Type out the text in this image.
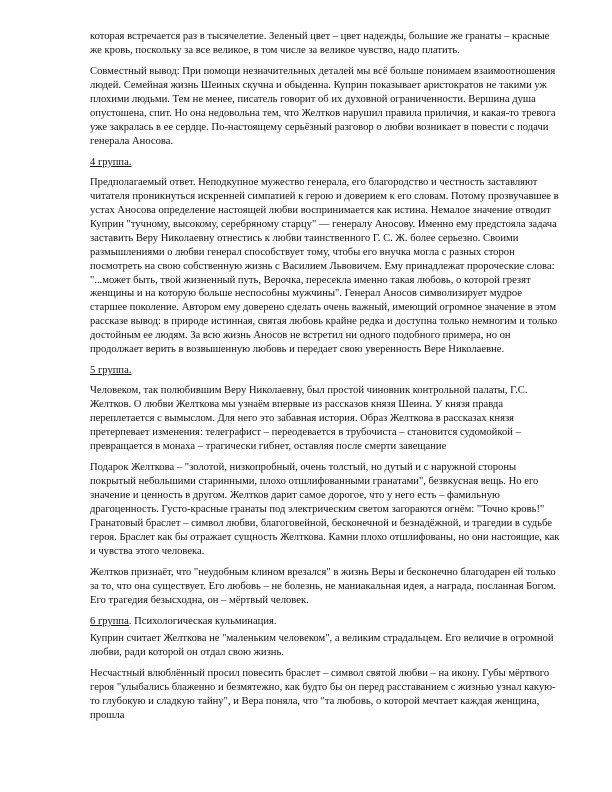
которая встречается раз в тысячелетие. Зеленый цвет – цвет надежды, большие же гранаты – красные же кровь, поскольку за все великое, в том числе за великое чувство, надо платить.

Совместный вывод: При помощи незначительных деталей мы всё больше понимаем взаимоотношения людей. Семейная жизнь Шеиных скучна и обыденна. Куприн показывает аристократов не такими уж плохими людьми. Тем не менее, писатель говорит об их духовной ограниченности. Вершина душа опустошена, спит. Но она недовольна тем, что Желтков нарушил правила приличия, и какая-то тревога уже закралась в ее сердце. По-настоящему серьёзный разговор о любви возникает в повести с подачи генерала Аносова.

4 группа.

Предполагаемый ответ. Неподкупное мужество генерала, его благородство и честность заставляют читателя проникнуться искренней симпатией к герою и доверием к его словам. Потому прозвучавшее в устах Аносова определение настоящей любви воспринимается как истина. Немалое значение отводит Куприн "тучному, высокому, серебряному старцу" — генералу Аносову. Именно ему предстояла задача заставить Веру Николаевну отнестись к любви таинственного Г. С. Ж. более серьезно. Своими размышлениями о любви генерал способствует тому, чтобы его внучка могла с разных сторон посмотреть на свою собственную жизнь с Василием Львовичем. Ему принадлежат пророческие слова: "...может быть, твой жизненный путь, Верочка, пересекла именно такая любовь, о которой грезят женщины и на которую больше неспособны мужчины". Генерал Аносов символизирует мудрое старшее поколение. Автором ему доверено сделать очень важный, имеющий огромное значение в этом рассказе вывод: в природе истинная, святая любовь крайне редка и доступна только немногим и только достойным ее людям. За всю жизнь Аносов не встретил ни одного подобного примера, но он продолжает верить в возвышенную любовь и передает свою уверенность Вере Николаевне.

5 группа.

Человеком, так полюбившим Веру Николаевну, был простой чиновник контрольной палаты, Г.С. Желтков. О любви Желткова мы узнаём впервые из рассказов князя Шеина. У князя правда переплетается с вымыслом. Для него это забавная история. Образ Желткова в рассказах князя претерпевает изменения: телеграфист – переодевается в трубочиста – становится судомойкой – превращается в монаха – трагически гибнет, оставляя после смерти завещание

Подарок Желткова – "золотой, низкопробный, очень толстый, но дутый и с наружной стороны покрытый небольшими старинными, плохо отшлифованными гранатами", безвкусная вещь. Но его значение и ценность в другом. Желтков дарит самое дорогое, что у него есть – фамильную драгоценность. Густо-красные гранаты под электрическим светом загораются огнём: "Точно кровь!" Гранатовый браслет – символ любви, благоговейной, бесконечной и безнадёжной, и трагедии в судьбе героя. Браслет как бы отражает сущность Желткова. Камни плохо отшлифованы, но они настоящие, как и чувства этого человека.

Желтков признаёт, что "неудобным клином врезался" в жизнь Веры и бесконечно благодарен ей только за то, что она существует. Его любовь – не болезнь, не маниакальная идея, а награда, посланная Богом. Его трагедия безысходна, он – мёртвый человек.

6 группа. Психологическая кульминация.

Куприн считает Желткова не "маленьким человеком", а великим страдальцем. Его величие в огромной любви, ради которой он отдал свою жизнь.

Несчастный влюблённый просил повесить браслет – символ святой любви – на икону. Губы мёртвого героя "улыбались блаженно и безмятежно, как будто бы он перед расставанием с жизнью узнал какую-то глубокую и сладкую тайну", и Вера поняла, что "та любовь, о которой мечтает каждая женщина, прошла
